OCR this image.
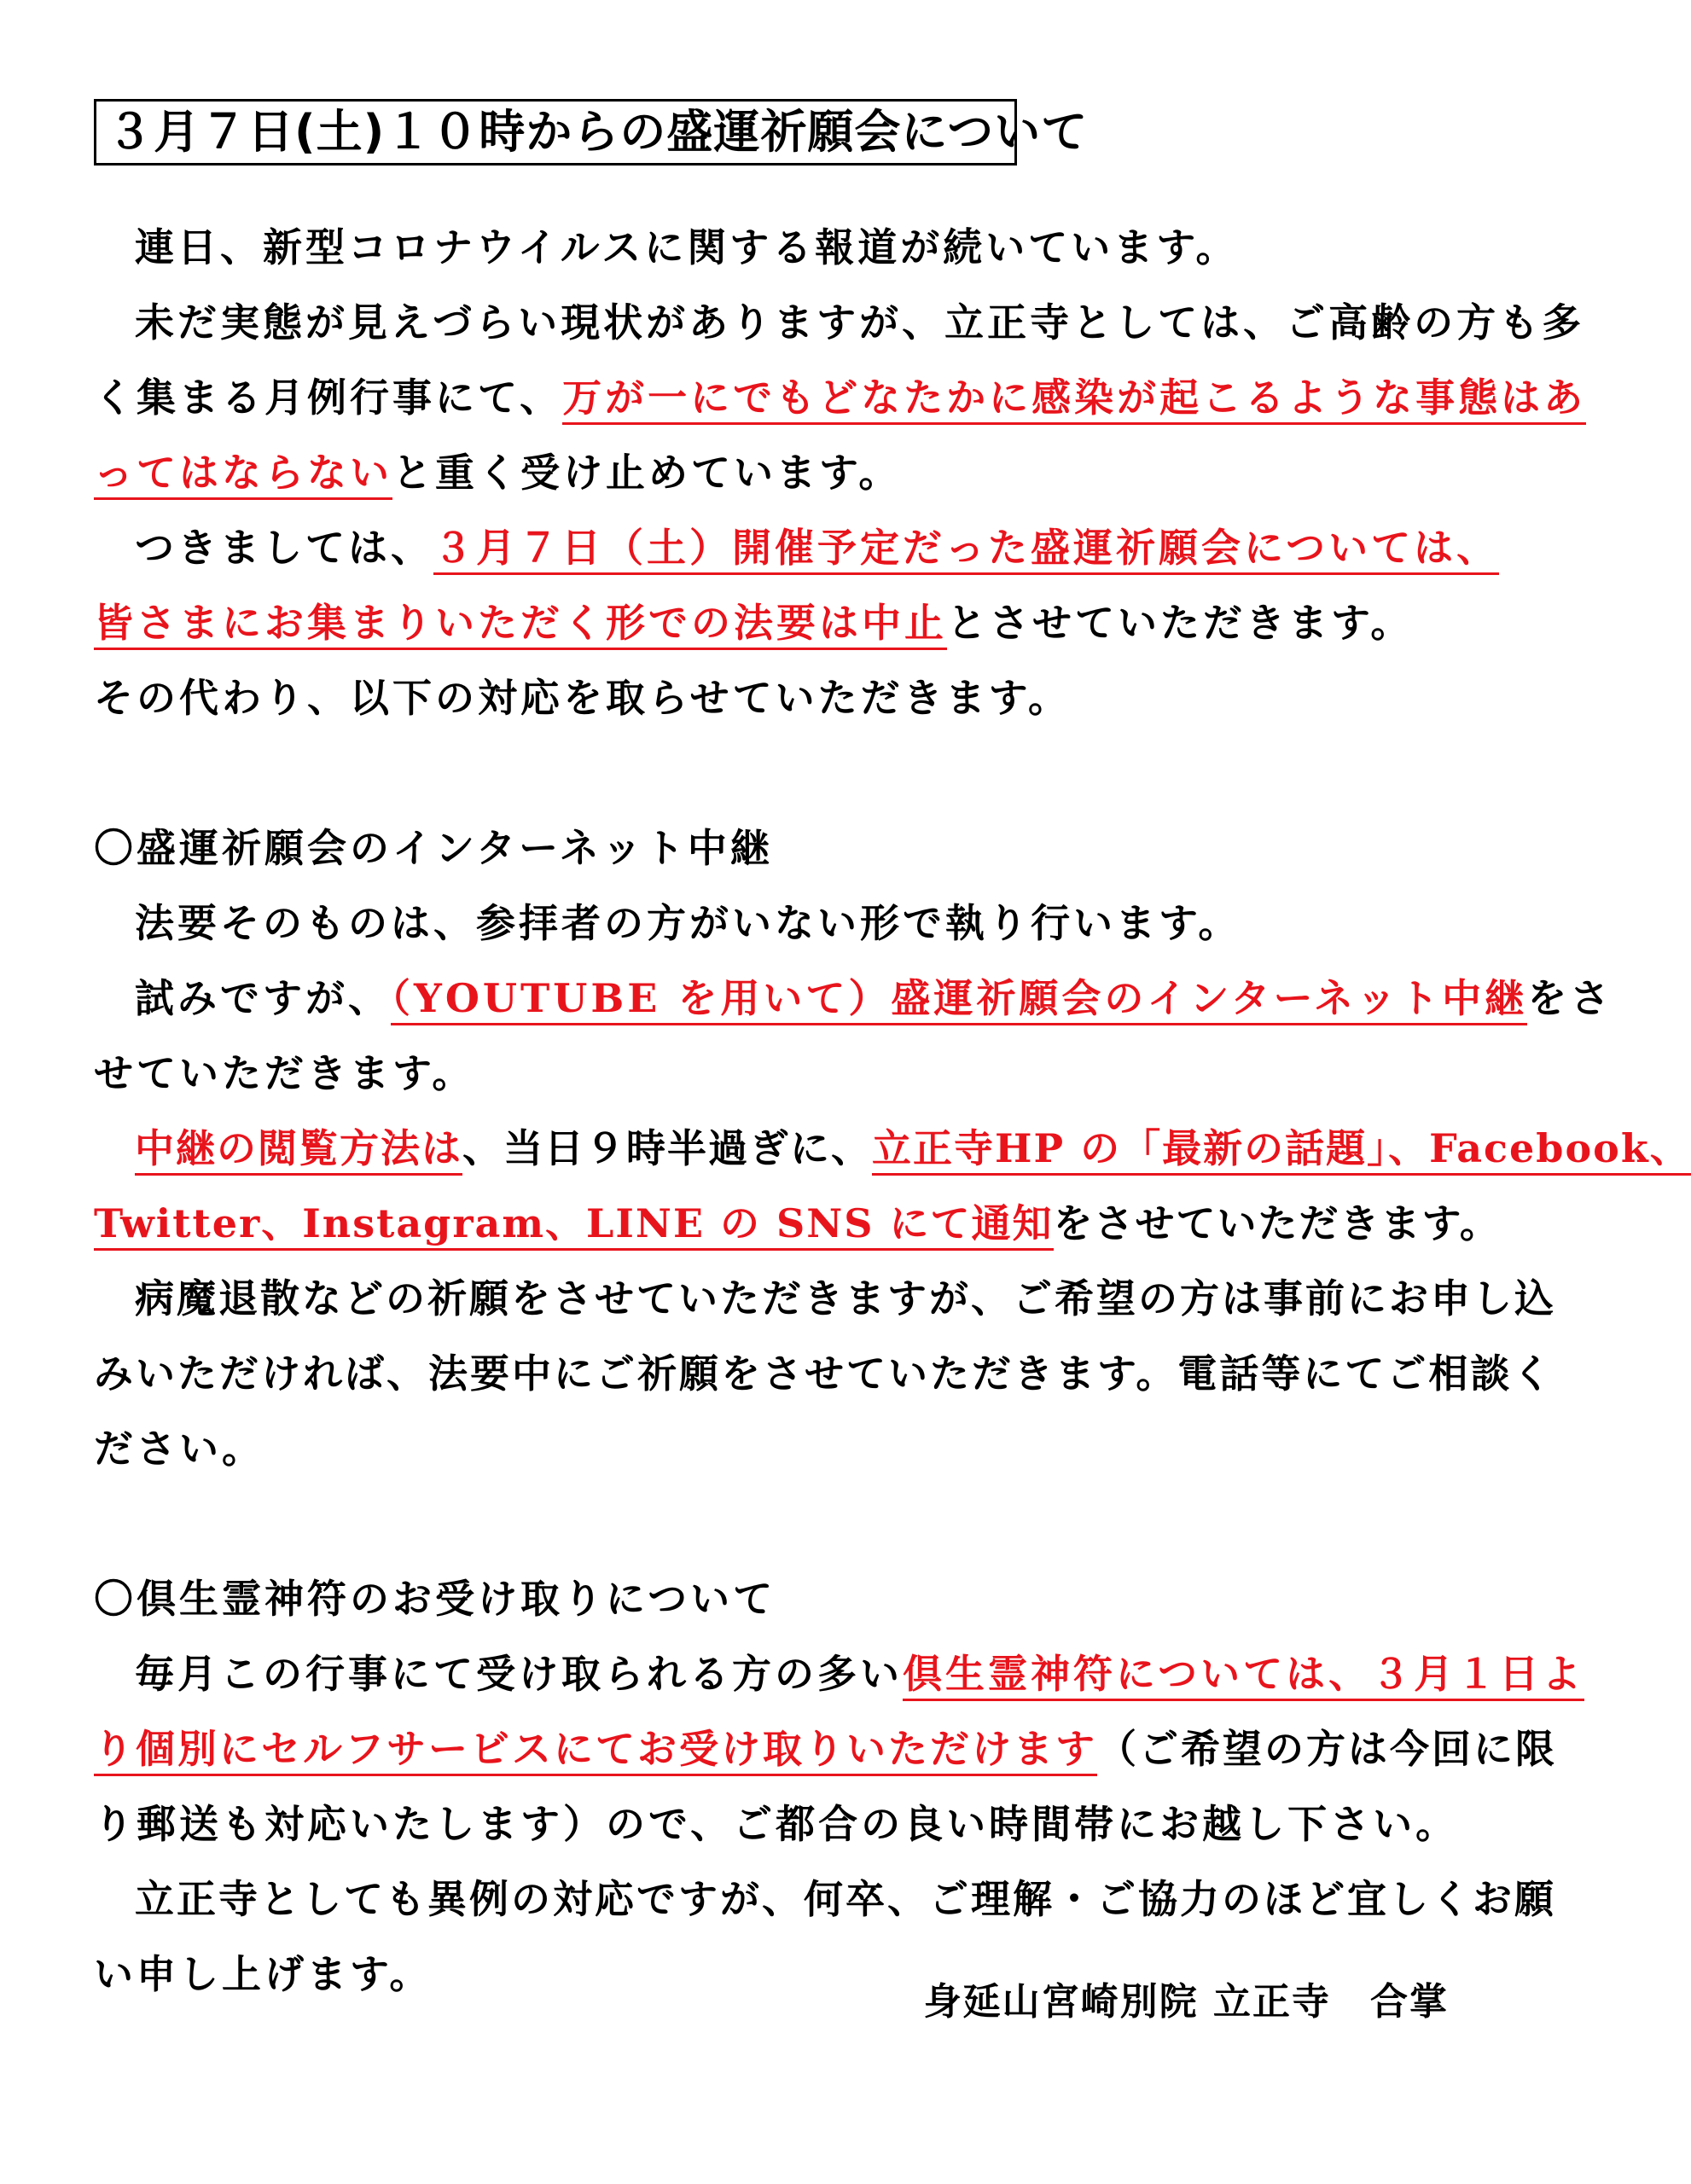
３月７日(土)１０時からの盛運祈願会について
連日、新型コロナウイルスに関する報道が続いています。
未だ実態が見えづらい現状がありますが、立正寺としては、ご高齢の方も多
く集まる月例行事にて、万が一にでもどなたかに感染が起こるような事態はあ
ってはならないと重く受け止めています。
つきましては、３月７日（土）開催予定だった盛運祈願会については、
皆さまにお集まりいただく形での法要は中止とさせていただきます。
その代わり、以下の対応を取らせていただきます。
〇盛運祈願会のインターネット中継
法要そのものは、参拝者の方がいない形で執り行います。
試みですが、（YOUTUBE を用いて）盛運祈願会のインターネット中継をさ
せていただきます。
中継の閲覧方法は、当日９時半過ぎに、立正寺HP の「最新の話題」、Facebook、
Twitter、Instagram、LINE の SNS にて通知をさせていただきます。
病魔退散などの祈願をさせていただきますが、ご希望の方は事前にお申し込
みいただければ、法要中にご祈願をさせていただきます。電話等にてご相談く
ださい。
〇倶生霊神符のお受け取りについて
毎月この行事にて受け取られる方の多い倶生霊神符については、３月１日よ
り個別にセルフサービスにてお受け取りいただけます（ご希望の方は今回に限
り郵送も対応いたします）ので、ご都合の良い時間帯にお越し下さい。
立正寺としても異例の対応ですが、何卒、ご理解・ご協力のほど宜しくお願
い申し上げます。
身延山宮崎別院 立正寺　合掌
